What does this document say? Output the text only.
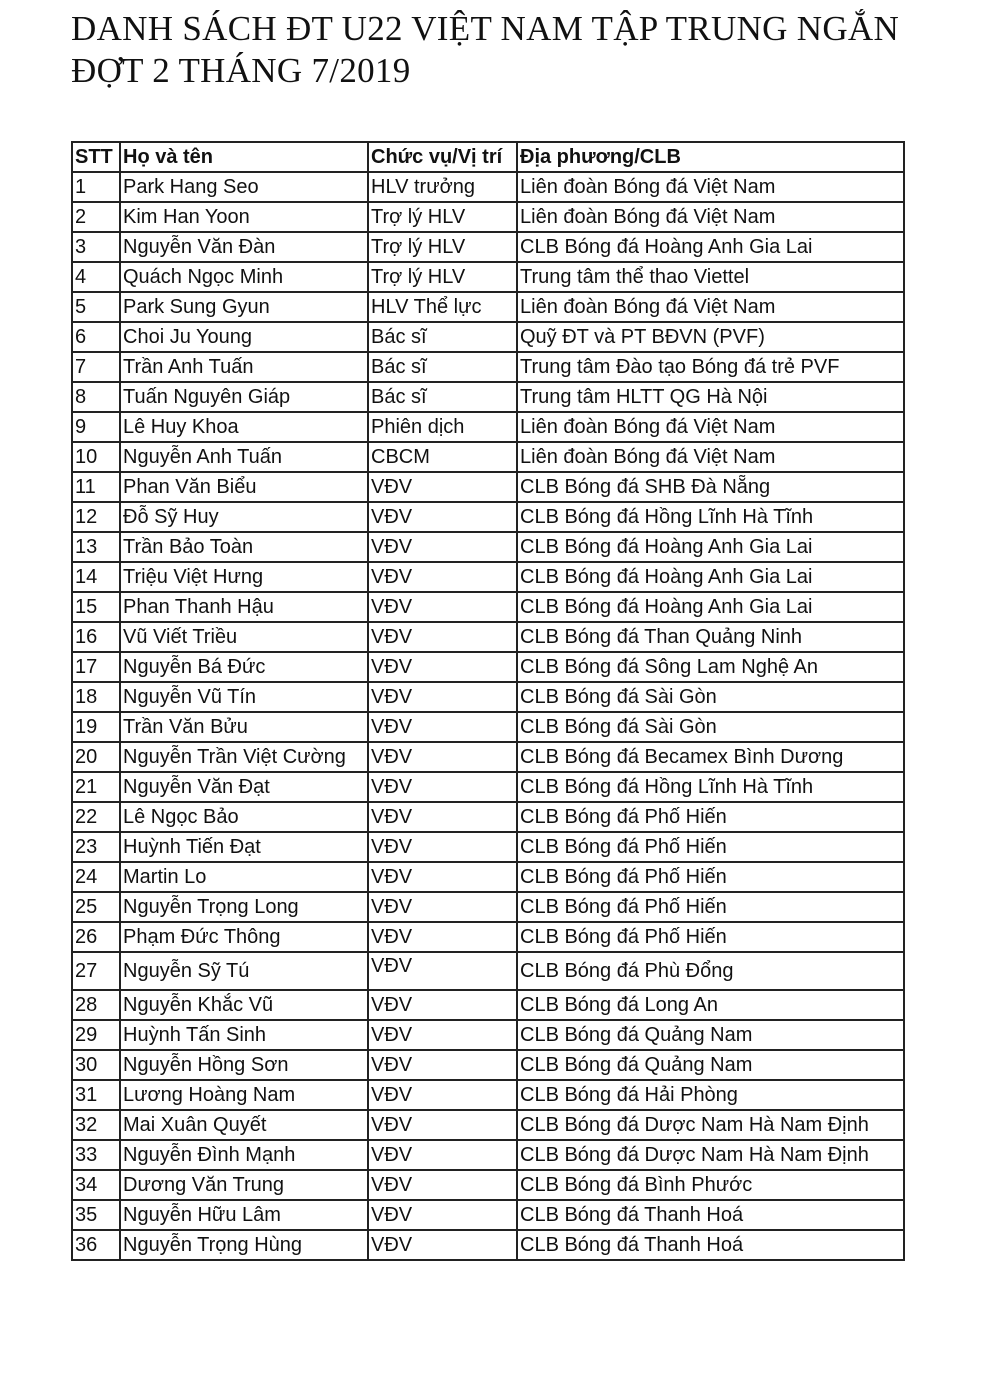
DANH SÁCH ĐT U22 VIỆT NAM TẬP TRUNG NGẮN
ĐỢT 2 THÁNG 7/2019
STT	Họ và tên	Chức vụ/Vị trí	Địa phương/CLB
1	Park Hang Seo	HLV trưởng	Liên đoàn Bóng đá Việt Nam
2	Kim Han Yoon	Trợ lý HLV	Liên đoàn Bóng đá Việt Nam
3	Nguyễn Văn Đàn	Trợ lý HLV	CLB Bóng đá Hoàng Anh Gia Lai
4	Quách Ngọc Minh	Trợ lý HLV	Trung tâm thể thao Viettel
5	Park Sung Gyun	HLV Thể lực	Liên đoàn Bóng đá Việt Nam
6	Choi Ju Young	Bác sĩ	Quỹ ĐT và PT BĐVN (PVF)
7	Trần Anh Tuấn	Bác sĩ	Trung tâm Đào tạo Bóng đá trẻ PVF
8	Tuấn Nguyên Giáp	Bác sĩ	Trung tâm HLTT QG Hà Nội
9	Lê Huy Khoa	Phiên dịch	Liên đoàn Bóng đá Việt Nam
10	Nguyễn Anh Tuấn	CBCM	Liên đoàn Bóng đá Việt Nam
11	Phan Văn Biểu	VĐV	CLB Bóng đá SHB Đà Nẵng
12	Đỗ Sỹ Huy	VĐV	CLB Bóng đá Hồng Lĩnh Hà Tĩnh
13	Trần Bảo Toàn	VĐV	CLB Bóng đá Hoàng Anh Gia Lai
14	Triệu Việt Hưng	VĐV	CLB Bóng đá Hoàng Anh Gia Lai
15	Phan Thanh Hậu	VĐV	CLB Bóng đá Hoàng Anh Gia Lai
16	Vũ Viết Triều	VĐV	CLB Bóng đá Than Quảng Ninh
17	Nguyễn Bá Đức	VĐV	CLB Bóng đá Sông Lam Nghệ An
18	Nguyễn Vũ Tín	VĐV	CLB Bóng đá Sài Gòn
19	Trần Văn Bửu	VĐV	CLB Bóng đá Sài Gòn
20	Nguyễn Trần Việt Cường	VĐV	CLB Bóng đá Becamex Bình Dương
21	Nguyễn Văn Đạt	VĐV	CLB Bóng đá Hồng Lĩnh Hà Tĩnh
22	Lê Ngọc Bảo	VĐV	CLB Bóng đá Phố Hiến
23	Huỳnh Tiến Đạt	VĐV	CLB Bóng đá Phố Hiến
24	Martin Lo	VĐV	CLB Bóng đá Phố Hiến
25	Nguyễn Trọng Long	VĐV	CLB Bóng đá Phố Hiến
26	Phạm Đức Thông	VĐV	CLB Bóng đá Phố Hiến
27	Nguyễn Sỹ Tú	VĐV	CLB Bóng đá Phù Đổng
28	Nguyễn Khắc Vũ	VĐV	CLB Bóng đá Long An
29	Huỳnh Tấn Sinh	VĐV	CLB Bóng đá Quảng Nam
30	Nguyễn Hồng Sơn	VĐV	CLB Bóng đá Quảng Nam
31	Lương Hoàng Nam	VĐV	CLB Bóng đá Hải Phòng
32	Mai Xuân Quyết	VĐV	CLB Bóng đá Dược Nam Hà Nam Định
33	Nguyễn Đình Mạnh	VĐV	CLB Bóng đá Dược Nam Hà Nam Định
34	Dương Văn Trung	VĐV	CLB Bóng đá Bình Phước
35	Nguyễn Hữu Lâm	VĐV	CLB Bóng đá Thanh Hoá
36	Nguyễn Trọng Hùng	VĐV	CLB Bóng đá Thanh Hoá
